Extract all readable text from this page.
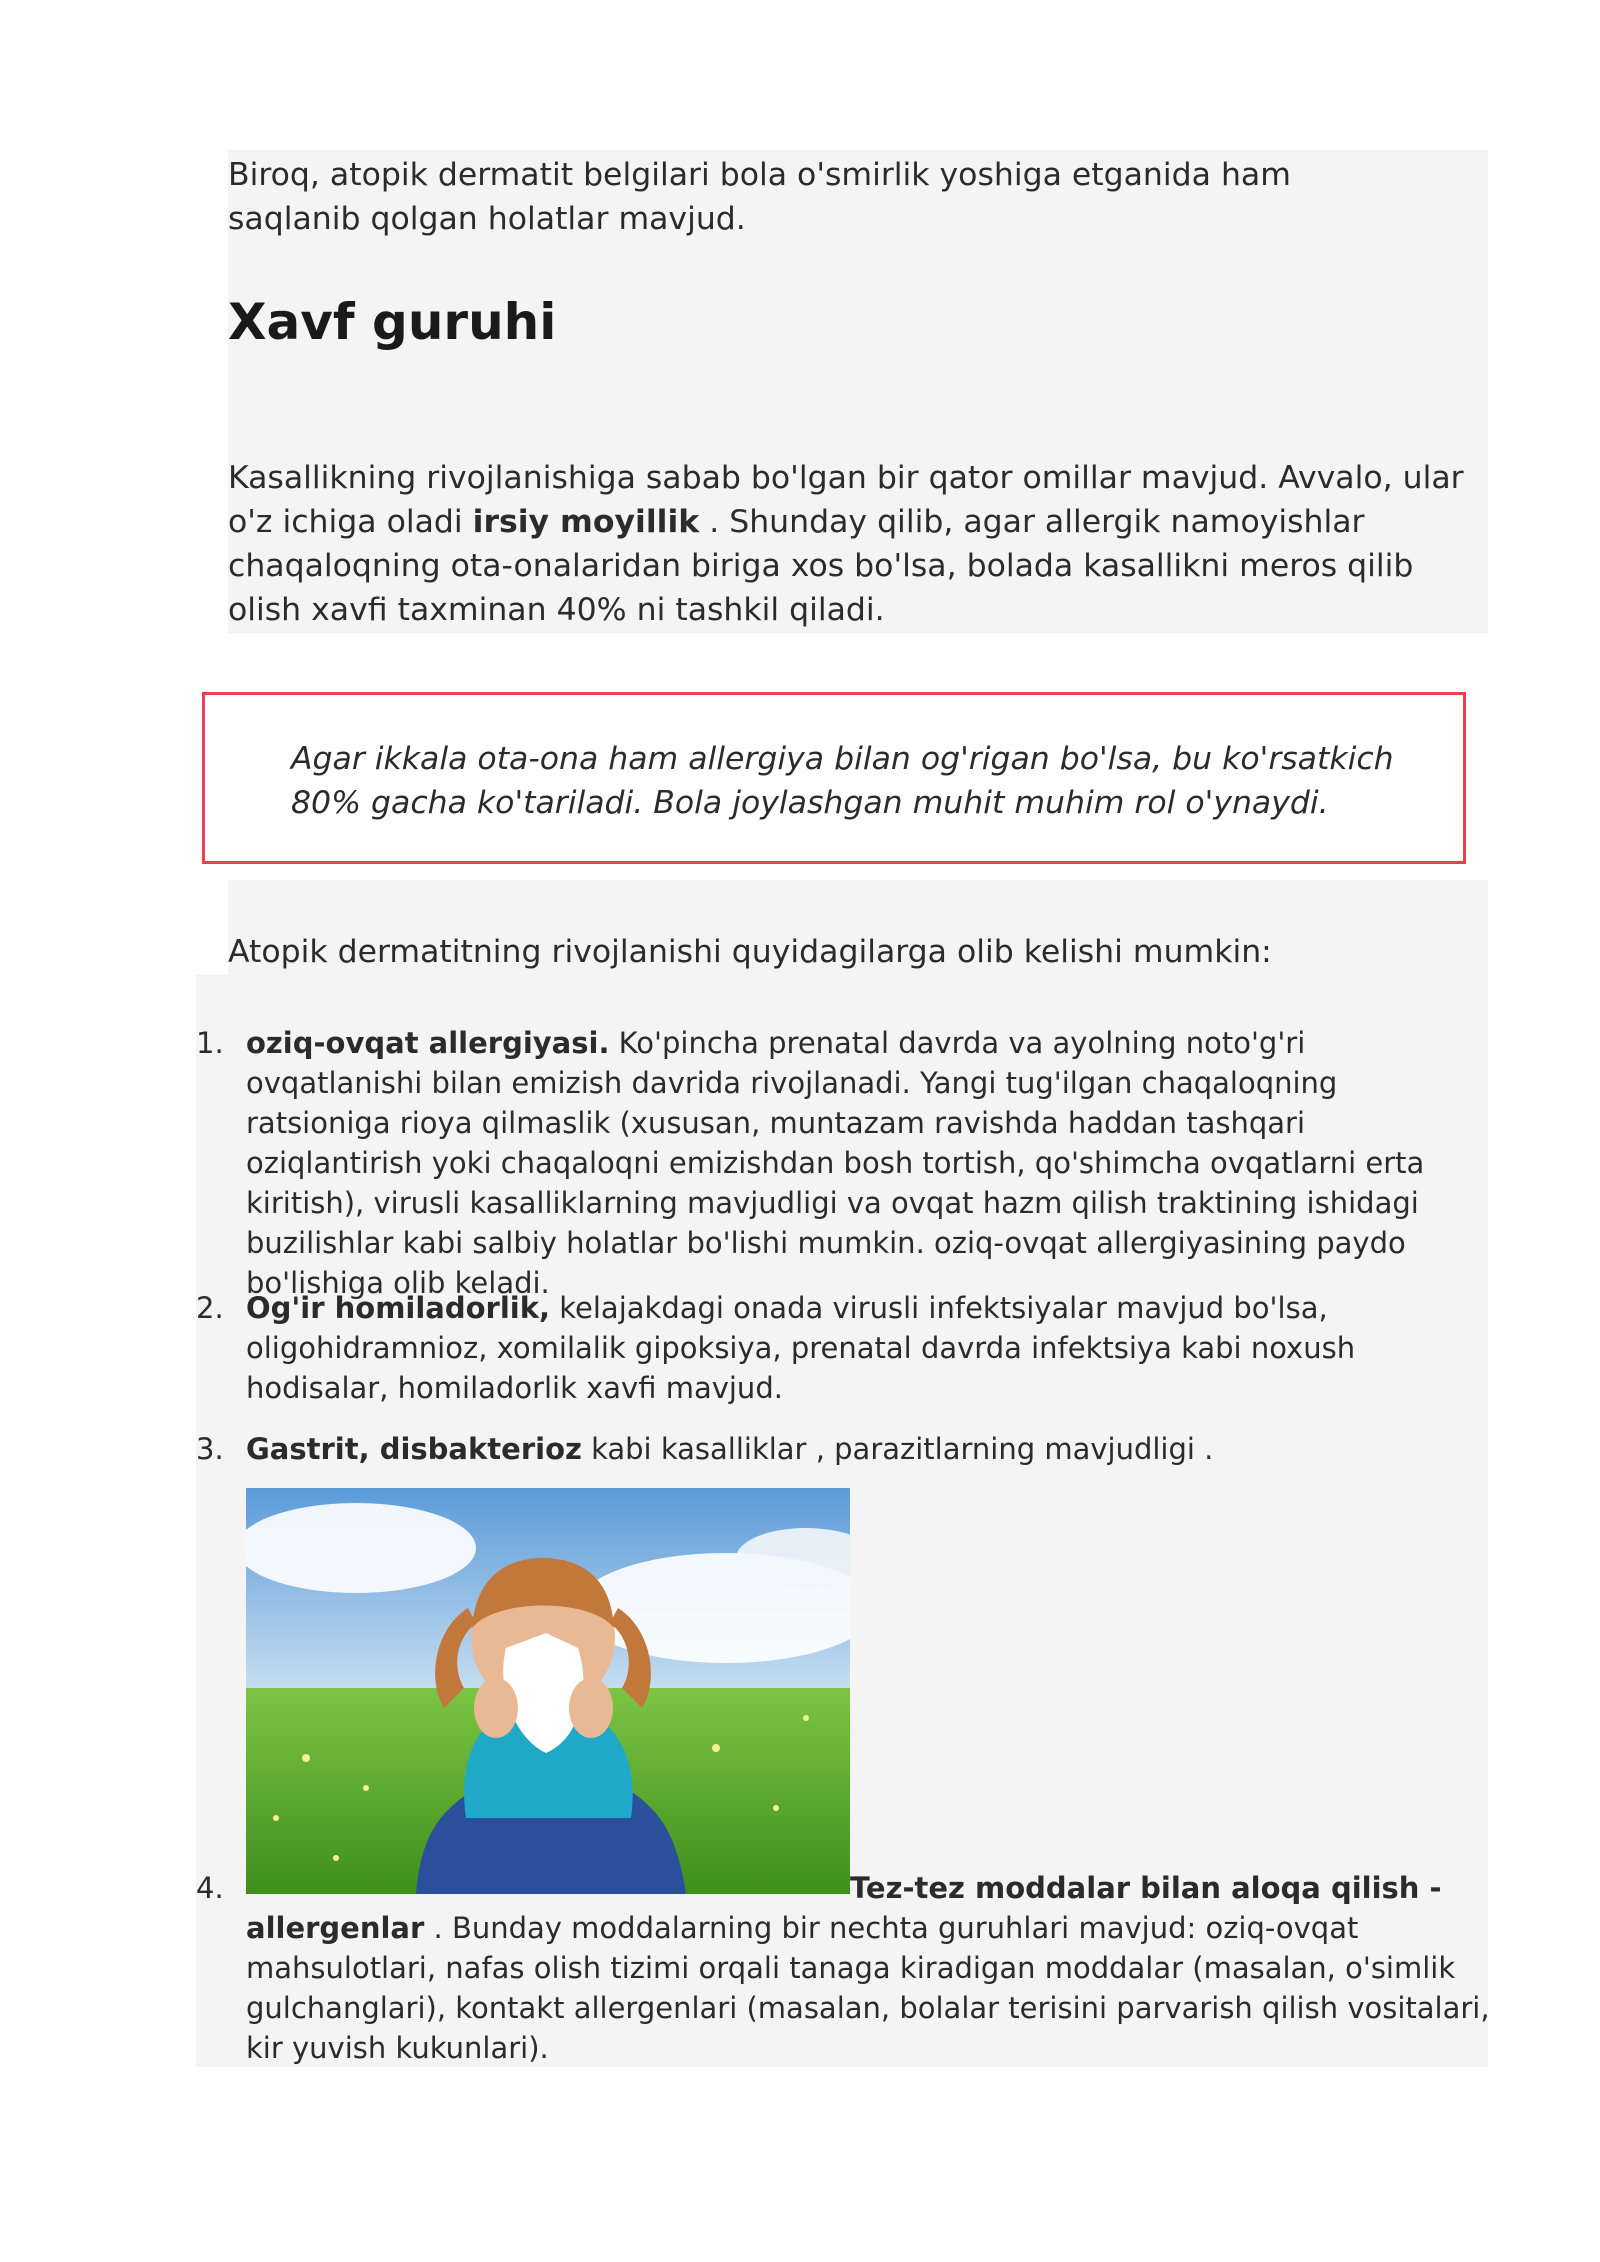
Biroq, atopik dermatit belgilari bola o'smirlik yoshiga etganida ham saqlanib qolgan holatlar mavjud.

Xavf guruhi

Kasallikning rivojlanishiga sabab bo'lgan bir qator omillar mavjud. Avvalo, ular o'z ichiga oladi irsiy moyillik . Shunday qilib, agar allergik namoyishlar chaqaloqning ota-onalaridan biriga xos bo'lsa, bolada kasallikni meros qilib olish xavfi taxminan 40% ni tashkil qiladi.

Agar ikkala ota-ona ham allergiya bilan og'rigan bo'lsa, bu ko'rsatkich 80% gacha ko'tariladi. Bola joylashgan muhit muhim rol o'ynaydi.

Atopik dermatitning rivojlanishi quyidagilarga olib kelishi mumkin:

1. oziq-ovqat allergiyasi. Ko'pincha prenatal davrda va ayolning noto'g'ri ovqatlanishi bilan emizish davrida rivojlanadi. Yangi tug'ilgan chaqaloqning ratsioniga rioya qilmaslik (xususan, muntazam ravishda haddan tashqari oziqlantirish yoki chaqaloqni emizishdan bosh tortish, qo'shimcha ovqatlarni erta kiritish), virusli kasalliklarning mavjudligi va ovqat hazm qilish traktining ishidagi buzilishlar kabi salbiy holatlar bo'lishi mumkin. oziq-ovqat allergiyasining paydo bo'lishiga olib keladi.

2. Og'ir homiladorlik, kelajakdagi onada virusli infektsiyalar mavjud bo'lsa, oligohidramnioz, xomilalik gipoksiya, prenatal davrda infektsiya kabi noxush hodisalar, homiladorlik xavfi mavjud.

3. Gastrit, disbakterioz kabi kasalliklar , parazitlarning mavjudligi .

4.	Tez-tez moddalar bilan aloqa qilish - allergenlar . Bunday moddalarning bir nechta guruhlari mavjud: oziq-ovqat mahsulotlari, nafas olish tizimi orqali tanaga kiradigan moddalar (masalan, o'simlik gulchanglari), kontakt allergenlari (masalan, bolalar terisini parvarish qilish vositalari, kir yuvish kukunlari).
